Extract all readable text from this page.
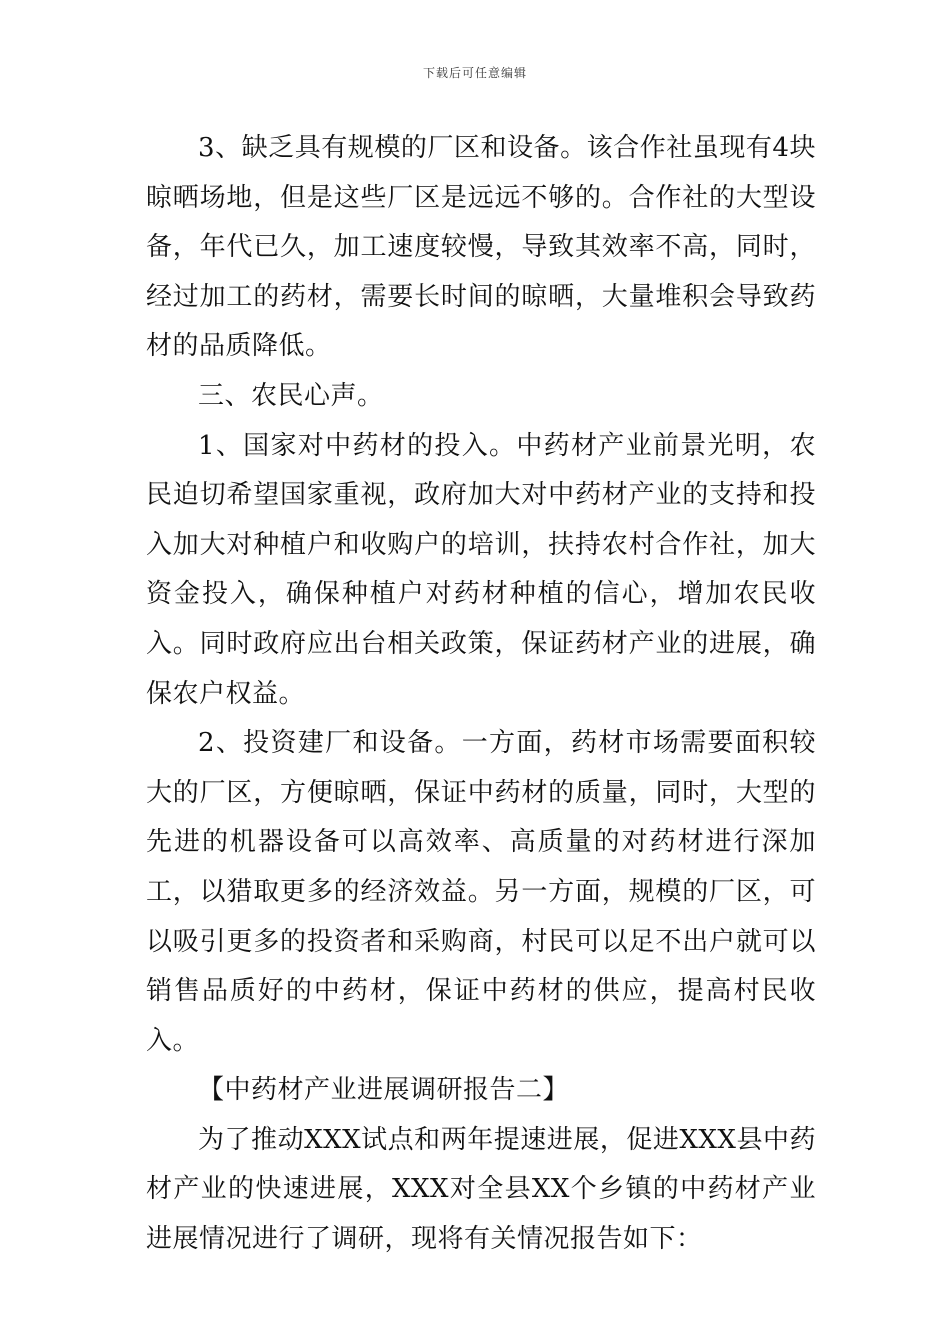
下载后可任意编辑

3、缺乏具有规模的厂区和设备。该合作社虽现有4块晾晒场地，但是这些厂区是远远不够的。合作社的大型设备，年代已久，加工速度较慢，导致其效率不高，同时，经过加工的药材，需要长时间的晾晒，大量堆积会导致药材的品质降低。

三、农民心声。

1、国家对中药材的投入。中药材产业前景光明，农民迫切希望国家重视，政府加大对中药材产业的支持和投入加大对种植户和收购户的培训，扶持农村合作社，加大资金投入，确保种植户对药材种植的信心，增加农民收入。同时政府应出台相关政策，保证药材产业的进展，确保农户权益。

2、投资建厂和设备。一方面，药材市场需要面积较大的厂区，方便晾晒，保证中药材的质量，同时，大型的先进的机器设备可以高效率、高质量的对药材进行深加工，以猎取更多的经济效益。另一方面，规模的厂区，可以吸引更多的投资者和采购商，村民可以足不出户就可以销售品质好的中药材，保证中药材的供应，提高村民收入。

【中药材产业进展调研报告二】

为了推动XXX试点和两年提速进展，促进XXX县中药材产业的快速进展，XXX对全县XX个乡镇的中药材产业进展情况进行了调研，现将有关情况报告如下：
